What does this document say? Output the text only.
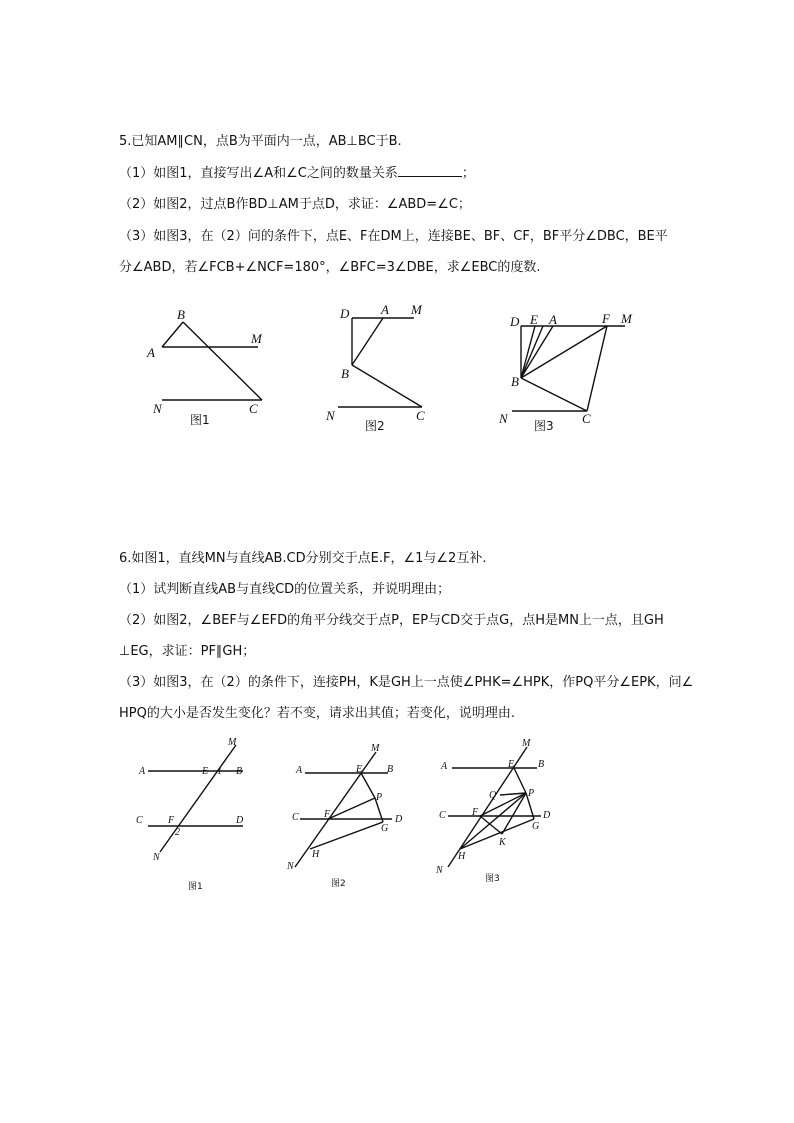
5.已知AM∥CN，点B为平面内一点，AB⊥BC于B.
（1）如图1，直接写出∠A和∠C之间的数量关系	；
（2）如图2，过点B作BD⊥AM于点D，求证：∠ABD=∠C；
（3）如图3，在（2）问的条件下，点E、F在DM上，连接BE、BF、CF，BF平分∠DBC，BE平
分∠ABD，若∠FCB+∠NCF=180°，∠BFC=3∠DBE，求∠EBC的度数.
B
A
M
N	C
图1
D A M
B
N	C
图2
D E A	F M
B
N	C
图3
6.如图1，直线MN与直线AB.CD分别交于点E.F，∠1与∠2互补.
（1）试判断直线AB与直线CD的位置关系，并说明理由；
（2）如图2，∠BEF与∠EFD的角平分线交于点P，EP与CD交于点G，点H是MN上一点，且GH
⊥EG，求证：PF∥GH；
（3）如图3，在（2）的条件下，连接PH，K是GH上一点使∠PHK=∠HPK，作PQ平分∠EPK，问∠
HPQ的大小是否发生变化？若不变，请求出其值；若变化，说明理由.
M
A	E 1 B
C	F	D
2
N
图1
M
A	E B
P
C	F	D
G
H
N
图2
M
A	E B
Q	P
C	F	D
G
K
H
N
图3
